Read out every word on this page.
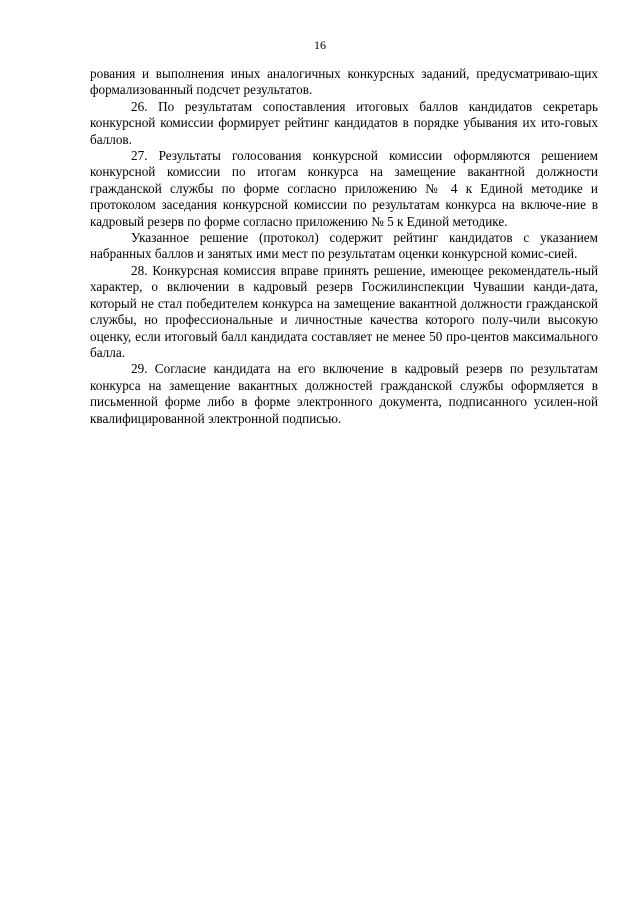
16

рования и выполнения иных аналогичных конкурсных заданий, предусматриваю-щих формализованный подсчет результатов.

26. По результатам сопоставления итоговых баллов кандидатов секретарь конкурсной комиссии формирует рейтинг кандидатов в порядке убывания их ито-говых баллов.

27. Результаты голосования конкурсной комиссии оформляются решением конкурсной комиссии по итогам конкурса на замещение вакантной должности гражданской службы по форме согласно приложению № 4 к Единой методике и протоколом заседания конкурсной комиссии по результатам конкурса на включе-ние в кадровый резерв по форме согласно приложению № 5 к Единой методике.

Указанное решение (протокол) содержит рейтинг кандидатов с указанием набранных баллов и занятых ими мест по результатам оценки конкурсной комис-сией.

28. Конкурсная комиссия вправе принять решение, имеющее рекомендатель-ный характер, о включении в кадровый резерв Госжилинспекции Чувашии канди-дата, который не стал победителем конкурса на замещение вакантной должности гражданской службы, но профессиональные и личностные качества которого полу-чили высокую оценку, если итоговый балл кандидата составляет не менее 50 про-центов максимального балла.

29. Согласие кандидата на его включение в кадровый резерв по результатам конкурса на замещение вакантных должностей гражданской службы оформляется в письменной форме либо в форме электронного документа, подписанного усилен-ной квалифицированной электронной подписью.
